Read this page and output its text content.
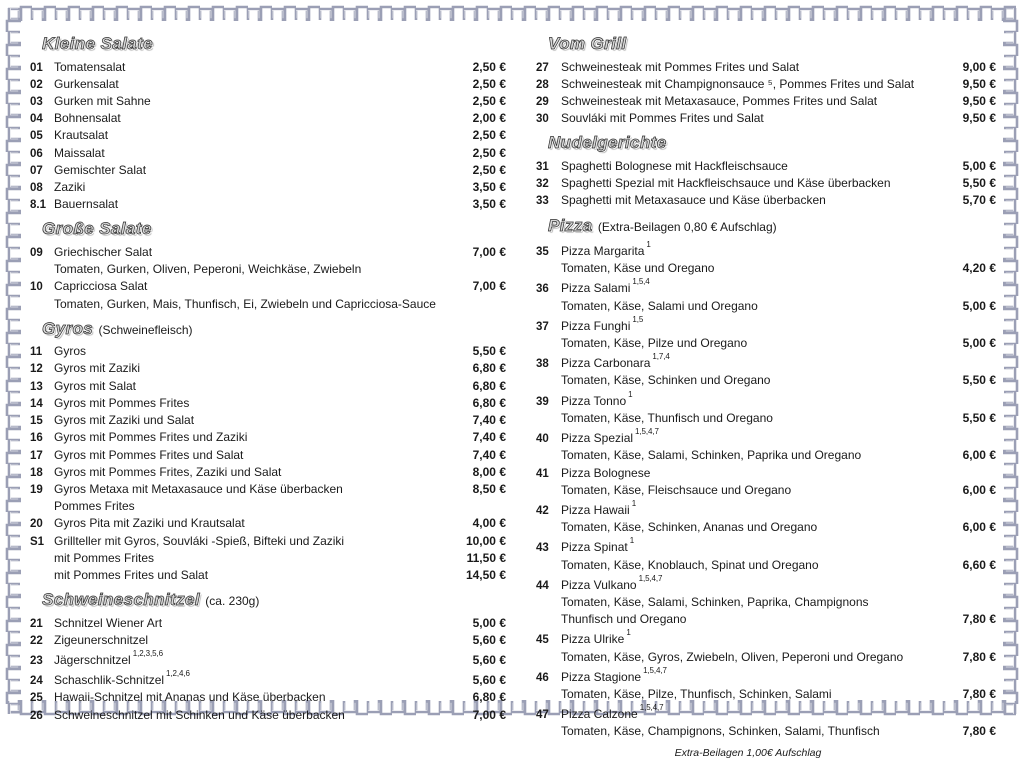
Kleine Salate
01 Tomatensalat	2,50 €
02 Gurkensalat	2,50 €
03 Gurken mit Sahne	2,50 €
04 Bohnensalat	2,00 €
05 Krautsalat	2,50 €
06 Maissalat	2,50 €
07 Gemischter Salat	2,50 €
08 Zaziki	3,50 €
8.1 Bauernsalat	3,50 €
Große Salate
09 Griechischer Salat	7,00 €
Tomaten, Gurken, Oliven, Peperoni, Weichkäse, Zwiebeln
10 Capricciosa Salat	7,00 €
Tomaten, Gurken, Mais, Thunfisch, Ei, Zwiebeln und Capricciosa-Sauce
Gyros (Schweinefleisch)
11 Gyros	5,50 €
12 Gyros mit Zaziki	6,80 €
13 Gyros mit Salat	6,80 €
14 Gyros mit Pommes Frites	6,80 €
15 Gyros mit Zaziki und Salat	7,40 €
16 Gyros mit Pommes Frites und Zaziki	7,40 €
17 Gyros mit Pommes Frites und Salat	7,40 €
18 Gyros mit Pommes Frites, Zaziki und Salat	8,00 €
19 Gyros Metaxa mit Metaxasauce und Käse überbacken	8,50 €
Pommes Frites
20 Gyros Pita mit Zaziki und Krautsalat	4,00 €
S1 Grillteller mit Gyros, Souvláki -Spieß, Bifteki und Zaziki	10,00 €
mit Pommes Frites	11,50 €
mit Pommes Frites und Salat	14,50 €
Schweineschnitzel (ca. 230g)
21 Schnitzel Wiener Art	5,00 €
22 Zigeunerschnitzel	5,60 €
23 Jägerschnitzel $^{1,2,3,5,6}$	5,60 €
24 Schaschlik-Schnitzel $^{1,2,4,6}$	5,60 €
25 Hawaii-Schnitzel mit Ananas und Käse überbacken	6,80 €
26 Schweineschnitzel mit Schinken und Käse überbacken	7,00 €
Vom Grill
27	Schweinesteak mit Pommes Frites und Salat	9,00 €
28	Schweinesteak mit Champignonsauce ⁵, Pommes Frites und Salat	9,50 €
29	Schweinesteak mit Metaxasauce, Pommes Frites und Salat	9,50 €
30	Souvláki mit Pommes Frites und Salat	9,50 €
Nudelgerichte
31	Spaghetti Bolognese mit Hackfleischsauce	5,00 €
32	Spaghetti Spezial mit Hackfleischsauce und Käse überbacken	5,50 €
33	Spaghetti mit Metaxasauce und Käse überbacken	5,70 €
Pizza (Extra-Beilagen 0,80 € Aufschlag)
35	Pizza Margarita $^1$
Tomaten, Käse und Oregano	4,20 €
36	Pizza Salami $^{1,5,4}$
Tomaten, Käse, Salami und Oregano	5,00 €
37	Pizza Funghi $^{1,5}$
Tomaten, Käse, Pilze und Oregano	5,00 €
38	Pizza Carbonara $^{1,7,4}$
Tomaten, Käse, Schinken und Oregano	5,50 €
39	Pizza Tonno $^1$
Tomaten, Käse, Thunfisch und Oregano	5,50 €
40	Pizza Spezial $^{1,5,4,7}$
Tomaten, Käse, Salami, Schinken, Paprika und Oregano	6,00 €
41	Pizza Bolognese
Tomaten, Käse, Fleischsauce und Oregano	6,00 €
42	Pizza Hawaii $^1$
Tomaten, Käse, Schinken, Ananas und Oregano	6,00 €
43	Pizza Spinat $^1$
Tomaten, Käse, Knoblauch, Spinat und Oregano	6,60 €
44	Pizza Vulkano $^{1,5,4,7}$
Tomaten, Käse, Salami, Schinken, Paprika, Champignons
Thunfisch und Oregano	7,80 €
45	Pizza Ulrike $^1$
Tomaten, Käse, Gyros, Zwiebeln, Oliven, Peperoni und Oregano	7,80 €
46	Pizza Stagione $^{1,5,4,7}$
Tomaten, Käse, Pilze, Thunfisch, Schinken, Salami	7,80 €
47	Pizza Calzone $^{1,5,4,7}$
Tomaten, Käse, Champignons, Schinken, Salami, Thunfisch	7,80 €
Extra-Beilagen 1,00€ Aufschlag
